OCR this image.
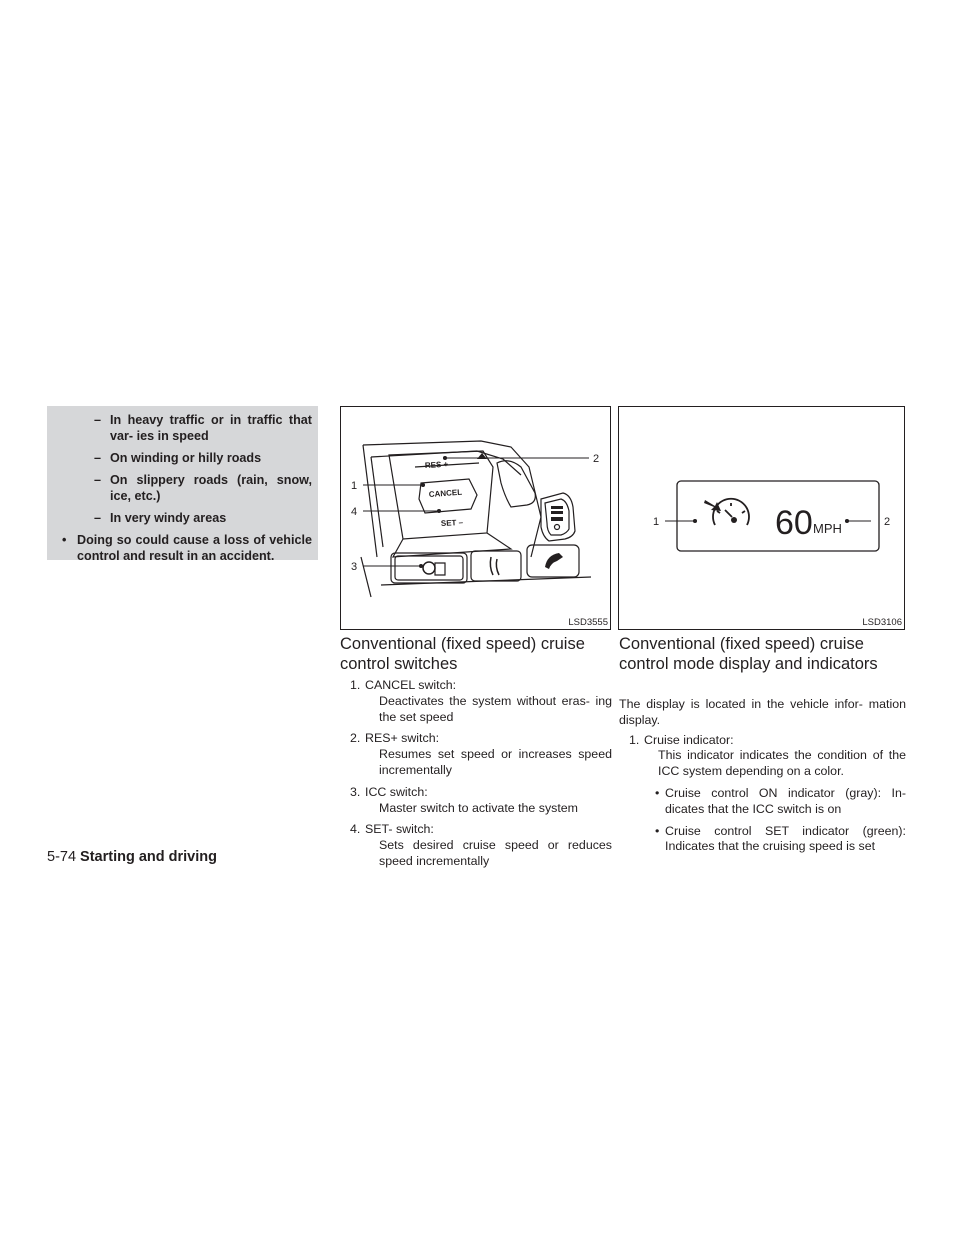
– In heavy traffic or in traffic that var- ies in speed
– On winding or hilly roads
– On slippery roads (rain, snow, ice, etc.)
– In very windy areas
• Doing so could cause a loss of vehicle control and result in an accident.
RES +
CANCEL
SET –
2
1
4
3
LSD3555
60 MPH
1	2
LSD3106
Conventional (fixed speed) cruise control switches
1. CANCEL switch:
Deactivates the system without eras- ing the set speed
2. RES+ switch:
Resumes set speed or increases speed incrementally
3. ICC switch:
Master switch to activate the system
4. SET- switch:
Sets desired cruise speed or reduces speed incrementally
Conventional (fixed speed) cruise control mode display and indicators

The display is located in the vehicle infor- mation display.

1. Cruise indicator:
This indicator indicates the condition of the ICC system depending on a color.
• Cruise control ON indicator (gray): In- dicates that the ICC switch is on
• Cruise control SET indicator (green): Indicates that the cruising speed is set
5-74 Starting and driving
